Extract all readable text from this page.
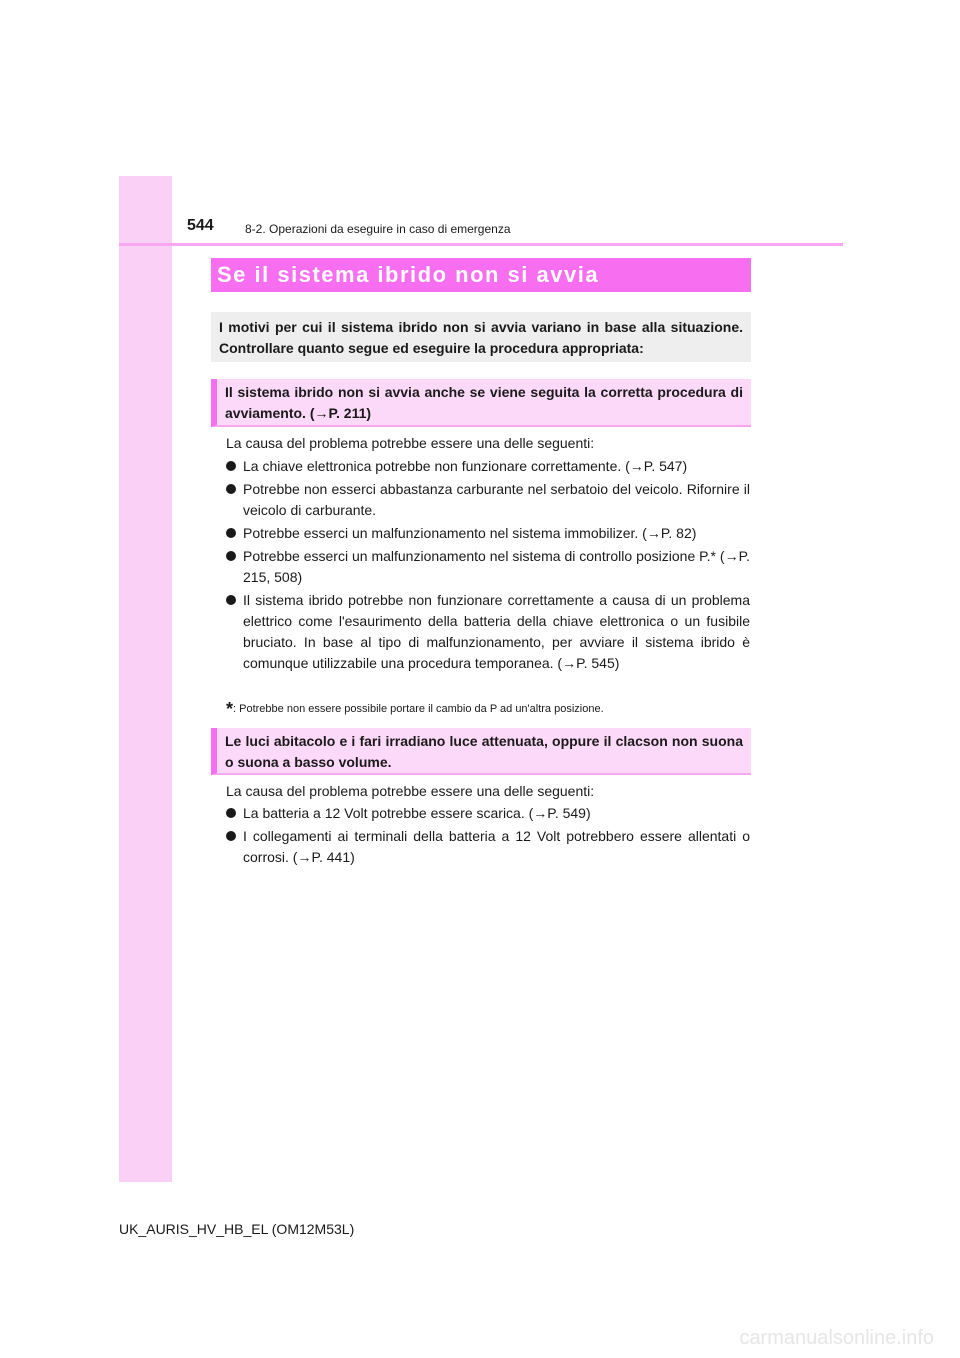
544	8-2. Operazioni da eseguire in caso di emergenza
Se il sistema ibrido non si avvia
I motivi per cui il sistema ibrido non si avvia variano in base alla situazione. Controllare quanto segue ed eseguire la procedura appropriata:
Il sistema ibrido non si avvia anche se viene seguita la corretta procedura di avviamento. (→P. 211)
La causa del problema potrebbe essere una delle seguenti:
La chiave elettronica potrebbe non funzionare correttamente. (→P. 547)
Potrebbe non esserci abbastanza carburante nel serbatoio del veicolo. Rifornire il veicolo di carburante.
Potrebbe esserci un malfunzionamento nel sistema immobilizer. (→P. 82)
Potrebbe esserci un malfunzionamento nel sistema di controllo posizione P.* (→P. 215, 508)
Il sistema ibrido potrebbe non funzionare correttamente a causa di un problema elettrico come l'esaurimento della batteria della chiave elettronica o un fusibile bruciato. In base al tipo di malfunzionamento, per avviare il sistema ibrido è comunque utilizzabile una procedura temporanea. (→P. 545)
*: Potrebbe non essere possibile portare il cambio da P ad un'altra posizione.
Le luci abitacolo e i fari irradiano luce attenuata, oppure il clacson non suona o suona a basso volume.
La causa del problema potrebbe essere una delle seguenti:
La batteria a 12 Volt potrebbe essere scarica. (→P. 549)
I collegamenti ai terminali della batteria a 12 Volt potrebbero essere allentati o corrosi. (→P. 441)
UK_AURIS_HV_HB_EL (OM12M53L)
carmanualsonline.info
